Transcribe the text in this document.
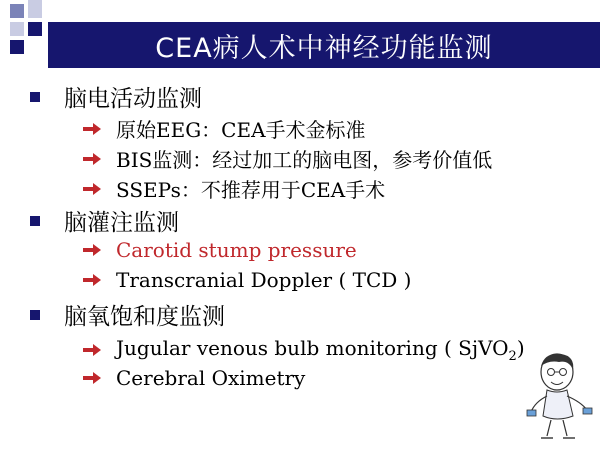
CEA病人术中神经功能监测
脑电活动监测
原始EEG：CEA手术金标准
BIS监测：经过加工的脑电图，参考价值低
SSEPs：不推荐用于CEA手术
脑灌注监测
Carotid stump pressure
Transcranial Doppler ( TCD )
脑氧饱和度监测
Jugular venous bulb monitoring ( SjVO$_2$)
Cerebral Oximetry
